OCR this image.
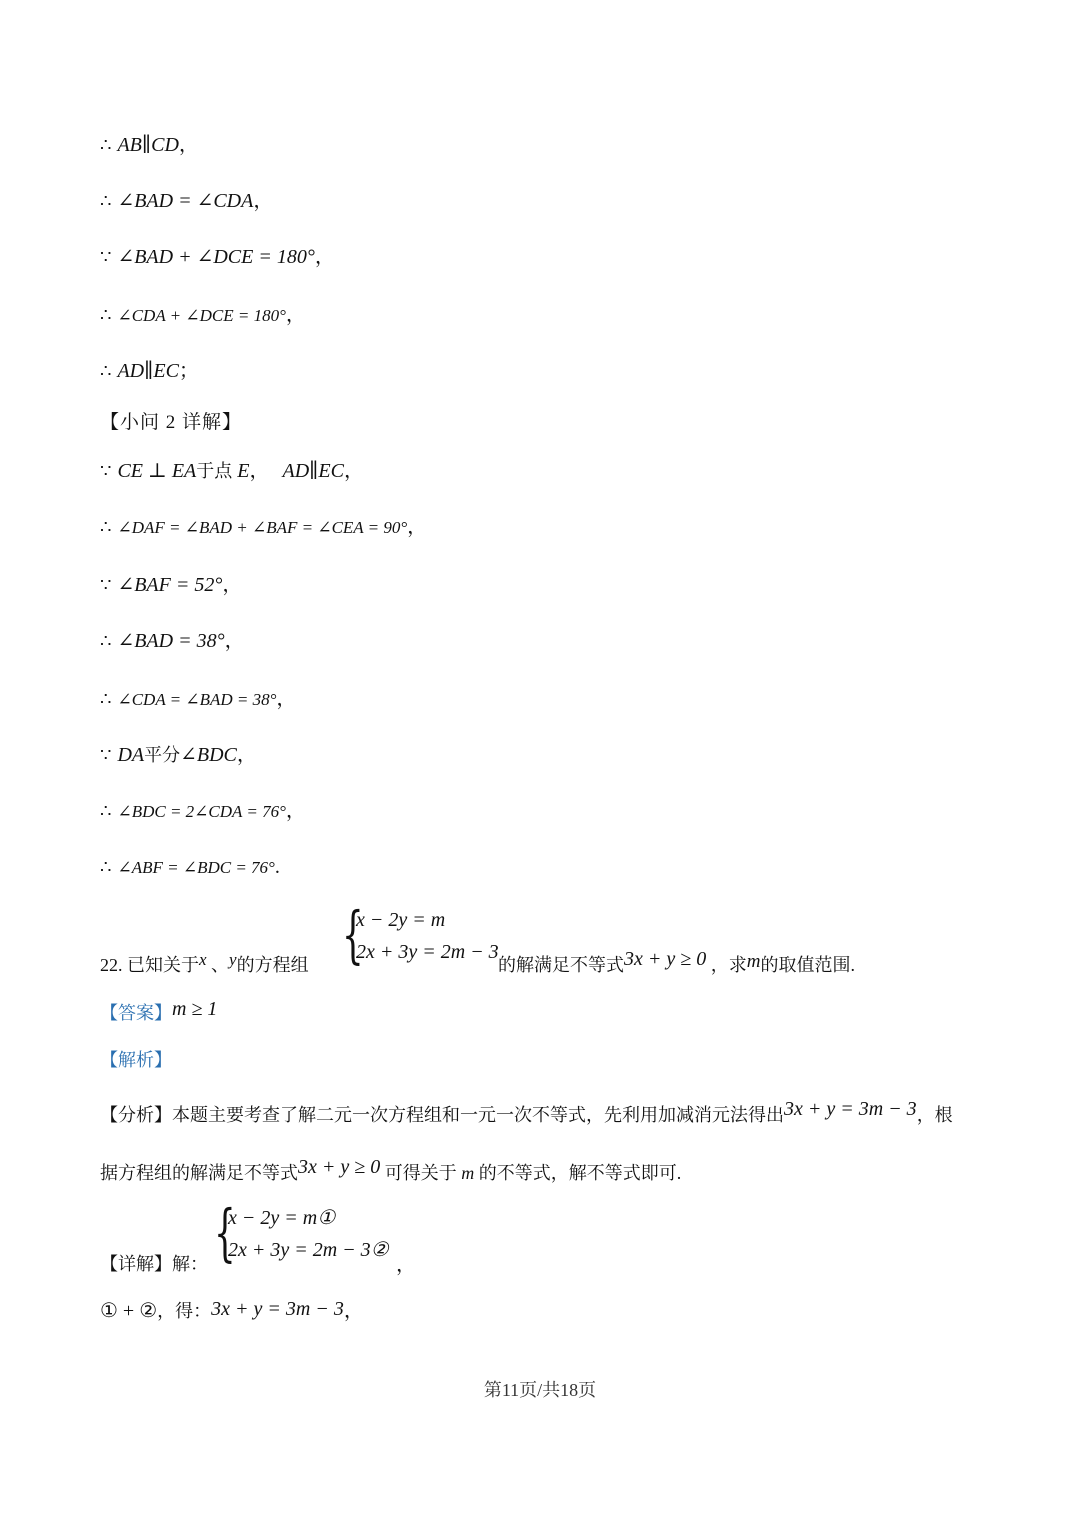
∴ AB∥CD，
∴ ∠BAD = ∠CDA，
∵ ∠BAD + ∠DCE = 180°，
∴ ∠CDA + ∠DCE = 180°，
∴ AD∥EC；
【小问 2 详解】
∵ CE ⊥ EA于点 E， AD∥EC，
∴ ∠DAF = ∠BAD + ∠BAF = ∠CEA = 90°，
∵ ∠BAF = 52°，
∴ ∠BAD = 38°，
∴ ∠CDA = ∠BAD = 38°，
∵ DA平分∠BDC，
∴ ∠BDC = 2∠CDA = 76°，
∴ ∠ABF = ∠BDC = 76°.
22. 已知关于x 、y的方程组 {
x − 2y = m
2x + 3y = 2m − 3
的解满足不等式3x + y ≥ 0 ，求m的取值范围.
【答案】m ≥ 1
【解析】
【分析】本题主要考查了解二元一次方程组和一元一次不等式，先利用加减消元法得出3x + y = 3m − 3，根
据方程组的解满足不等式3x + y ≥ 0 可得关于 m 的不等式，解不等式即可.
【详解】解： {
x − 2y = m①
2x + 3y = 2m − 3②
，
① + ②，得：3x + y = 3m − 3，
第11页/共18页
